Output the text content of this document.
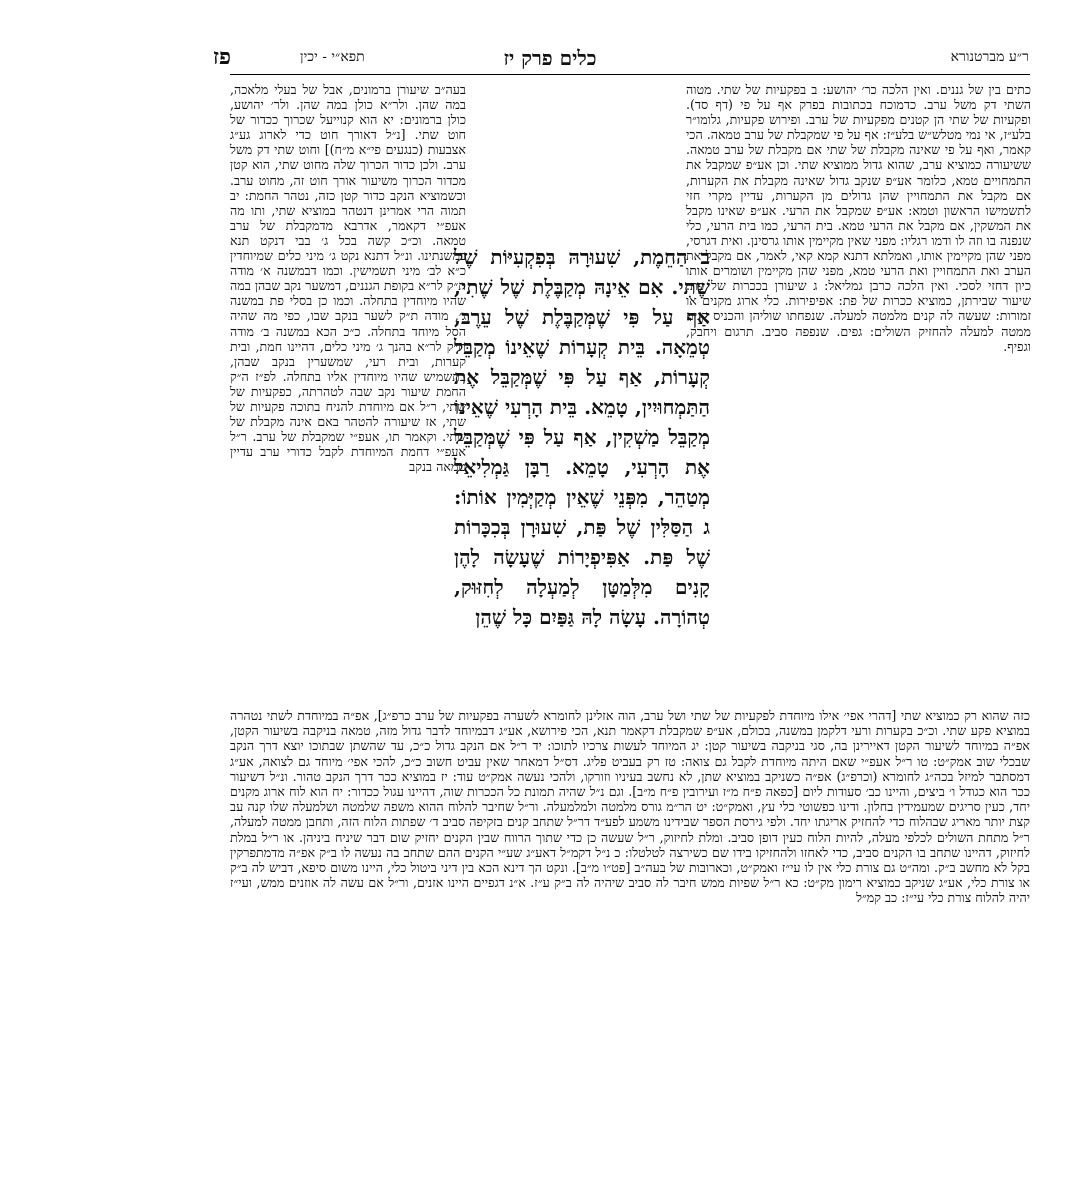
פז	תפא״י - יכין	כלים פרק יז	ר״ע מברטנורא

כתים בין של גננים. ואין הלכה כר׳ יהושע: ב בפקעיות של שתי. מטוה השתי דק משל ערב. כדמוכח בכתובות בפרק אף על פי (דף סד). ופקעיות של שתי הן קטנים מפקעיות של ערב. ופירוש פקעיות, גלומו״ר בלע״ז, אי נמי מטלש״ש בלע״ז: אף על פי שמקבלת של ערב טמאה. הכי קאמר, ואף על פי שאינה מקבלת של שתי אם מקבלת של ערב טמאה. ששיעורה כמוציא ערב, שהוא גדול ממוציא שתי. וכן אע״פ שמקבל את התמחויים טמא, כלומר אע״פ שנקב גדול שאינה מקבלת את הקערות, אם מקבל את התמחויין שהן גדולים מן הקערות, עדיין מקרי חזי לתשמישו הראשון וטמא: אע״פ שמקבל את הרעי. אע״פ שאינו מקבל את המשקין, אם מקבל את הרעי טמא. בית הרעי, כמו בית הרעי, כלי שנפנה בו וזה לו ודמו רגליו: מפני שאין מקיימין אותו גרסינן. ואית דגרסי, מפני שהן מקיימין אותו, ואמלתא דתנא קמא קאי, לאמר, אם מקבל את הערב ואת התמחויין ואת הרעי טמא, מפני שהן מקיימין ושומרים אותו כיון דחזי לסכי. ואין הלכה כרבן גמליאל: ג שיעורן בככרות של פת. שיעור שבירתן, כמוציא ככרות של פת: אפיפירות. כלי ארוג מקנים או זמורות: שעשה לה קנים מלמטה למעלה. שנפחתו שוליהן והכניס קנים ממטה למעלה להחזיק השולים: גפים. שנפפה סביב. תרגום ויחבק, וגפיף.

בעה״ב שיעורן ברמונים, אבל של בעלי מלאכה, במה שהן. ולר״א כולן במה שהן. ולר׳ יהושע, כולן ברמונים: יא הוא קנוייעל שכרוך ככדור של חוט שתי. [נ״ל דאורך חוט כדי לארוג גע״ג אצבעות (כנגעים פי״א מ״ח)] וחוט שתי דק משל ערב. ולכן כדור הכרוך שלה מחוט שתי, הוא קטן מכדור הכרוך משיעור אורך חוט זה, מחוט ערב. וכשמוציא הנקב כדור קטן כזה, נטהר החמת: יב תמוה הרי אמרינן דנטהר במוציא שתי, ותו מה אעפ״י דקאמר, אדרבא מדמקבלת של ערב טמאה. וכ״כ קשה בכל ג׳ בבי דנקט תנא במשנתינו. ונ״ל דתנא נקט ג׳ מיני כלים שמיוחדין כ״א לב׳ מיני תשמישין. וכמו דבמשנה א׳ מודה ת״ק לר״א בקופת הגננים, דמשער נקב שבהן במה שהיו מיוחדין בתחלה. וכמו כן בסלי פת במשנה ג׳, מודה ת״ק לשער בנקב שבו, כפי מה שהיה הסל מיוחד בתחלה. כ״כ הכא במשנה ב׳ מודה ת״ק לר״א בהנך ג׳ מיני כלים, דהיינו חמת, ובית קערות, ובית רעי, שמשערין בנקב שבהן, בתשמיש שהיו מיוחדין אליו בתחלה. לפ״ז ה״ק החמת שיעור נקב שבה לטהרתה, כפקעיות של שתי, ר״ל אם מיוחדת להניח בתוכה פקעיות של שתי, אז שיעורה להטהר באם אינה מקבלת של שתי. וקאמר תו, אעפ״י שמקבלת של ערב. ר״ל אעפ״י דחמת המיוחדת לקבל כדורי ערב עדיין טמאה בנקב

ב הַחֵמֶת, שִׁעוּרָהּ בְּפִקְעִיּוֹת שֶׁל שֶׁתִי. אִם אֵינָהּ מְקַבֶּלֶת שֶׁל שֶׁתִי, אַף עַל פִּי שֶׁמְּקַבֶּלֶת שֶׁל עֵרֶב, טְמֵאָה. בֵּית קְעָרוֹת שֶׁאֵינוֹ מְקַבֵּל קְעָרוֹת, אַף עַל פִּי שֶׁמְּקַבֵּל אֶת הַתַּמְחוּיִין, טָמֵא. בֵּית הָרְעִי שֶׁאֵינוֹ מְקַבֵּל מַשְׁקִין, אַף עַל פִּי שֶׁמְּקַבֵּל אֶת הָרְעִי, טָמֵא. רַבָּן גַּמְלִיאֵל מְטַהֵר, מִפְּנֵי שֶׁאֵין מְקַיְּמִין אוֹתוֹ: ג הַסַּלִּין שֶׁל פַּת, שִׁעוּרָן בְּכִכָּרוֹת שֶׁל פַּת. אַפִּיפְיָרוֹת שֶׁעָשָׂה לָהֶן קָנִים מִלְּמַטָּן לְמַעְלָה לְחִזּוּק, טְהוֹרָה. עָשָׂה לָהּ גַּפַּיִם כָּל שֶׁהֵן

כזה שהוא רק כמוציא שתי [דהרי אפי׳ אילו מיוחדת לפקעיות של שתי ושל ערב, הוה אזלינן לחומרא לשערה בפקעיות של ערב כרפ״ג], אפ״ה במיוחדת לשתי נטהרה במוציא פקע שתי. וכ״כ בקערות ורעי דלקמן במשנה, בכולם, אע״פ שמקבלת דקאמר תנא, הכי פירושא, אע״ג דבמיוחד לדבר גדול מזה, טמאה בניקבה בשיעור הקטן, אפ״ה במיוחד לשיעור הקטן דאיירינן בה, סגי בניקבה בשיעור קטן: יג המיוחד לעשות צרכיו לתוכו: יד ר״ל אם הנקב גדול כ״כ, עד שהשתן שבתוכו יוצא דרך הנקב שבכלי שוב אמק״ט: טו ר״ל אעפ״י שאם היתה מיוחדת לקבל גם צואה: טז רק בעביט פליג. דס״ל דמאחר שאין עביט חשוב כ״כ, להכי אפי׳ מיוחד גם לצואה, אע״ג דמסתבר למיזל בכה״ג לחומרא (וכרפ״ג) אפ״ה כשניקב במוציא שתן, לא נחשב בעיניו וזורקו, ולהכי נעשה אמק״ט עוד: יז במוציא ככר דרך הנקב טהור. ונ״ל דשיעור ככר הוא כגודל ו׳ ביצים, והיינו כב׳ סעודות ליום [כפאה פ״ח מ״ז ועירובין פ״ח מ״ב]. וגם נ״ל שהיה תמונת כל הככרות שוה, דהיינו עגול ככדור: יח הוא לוח ארוג מקנים יחד, כעין סריגים שמעמידין בחלון. ודינו כפשוטי כלי עץ, ואמק״ט: יט הר״מ גורס מלמטה ולמלמעלה. ור״ל שחיבר להלוח ההוא משפה שלמטה ושלמעלה שלו קנה עב קצת יותר מאריג שבהלוח כדי להחזיק אריגתו יחד. ולפי גירסת הספר שבידינו משמע לפע״ד דר״ל שתחב קנים בזקיפה סביב ד׳ שפתות הלוח הזה, ותחבן ממטה למעלה, ר״ל מתחת השולים לכלפי מעלה, להיות הלוח כעין דופן סביב. ומלת לחיזוק, ר״ל שעשה כן כדי שתוך הרווח שבין הקנים יחזיק שום דבר שיניח ביניהן. או ר״ל במלת לחיזוק, דהיינו שתחב בו הקנים סביב, כדי לאחזו ולהחזיקו בידו שם כשירצה לטלטלו: כ נ״ל דקמ״ל דאע״ג שע״י הקנים ההם שתחב בה נעשה לו ב״ק אפ״ה מדמתפרקין בקל לא מחשב ב״ק. ומה״ט גם צורת כלי אין לו עי״ז ואמק״ט, וכארובות של בעה״ב [פט״ו מ״ב]. ונקט הך דינא הכא בין דיני ביטול כלי, היינו משום סיפא, דביש לה ב״ק או צורת כלי, אע״ג שניקב כמוציא רימון מק״ט: כא ר״ל שפיות ממש חיבר לה סביב שיהיה לה ב״ק ע״ז. א״נ דגפיים היינו אזנים, ור״ל אם עשה לה אוזנים ממש, ועי״ז יהיה להלוח צורת כלי עי״ז: כב קמ״ל
